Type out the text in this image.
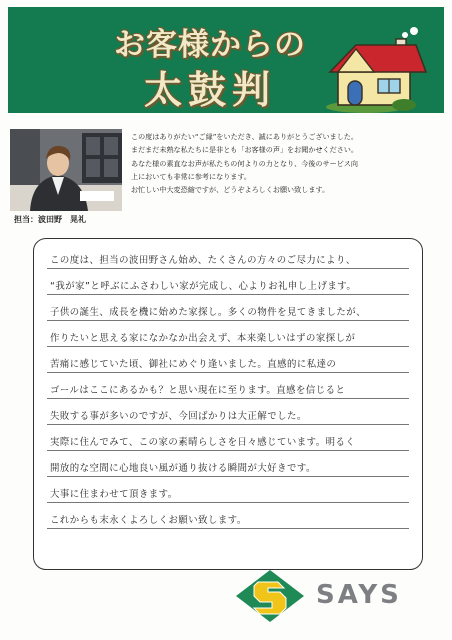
お客様からの
太鼓判
担当：波田野　晃礼
この度はありがたい“ご縁”をいただき、誠にありがとうございました。
まだまだ未熟な私たちに是非とも「お客様の声」をお聞かせください。
あなた様の素直なお声が私たちの何よりの力となり、今後のサービス向
上においても非常に参考になります。
お忙しい中大変恐縮ですが、どうぞよろしくお願い致します。
この度は、担当の波田野さん始め、たくさんの方々のご尽力により、
“我が家”と呼ぶにふさわしい家が完成し、心よりお礼申し上げます。
子供の誕生、成長を機に始めた家探し。多くの物件を見てきましたが、
作りたいと思える家になかなか出会えず、本来楽しいはずの家探しが
苦痛に感じていた頃、御社にめぐり逢いました。直感的に私達の
ゴールはここにあるかも？と思い現在に至ります。直感を信じると
失敗する事が多いのですが、今回ばかりは大正解でした。
実際に住んでみて、この家の素晴らしさを日々感じています。明るく
開放的な空間に心地良い風が通り抜ける瞬間が大好きです。
大事に住まわせて頂きます。
これからも末永くよろしくお願い致します。
SAYS
